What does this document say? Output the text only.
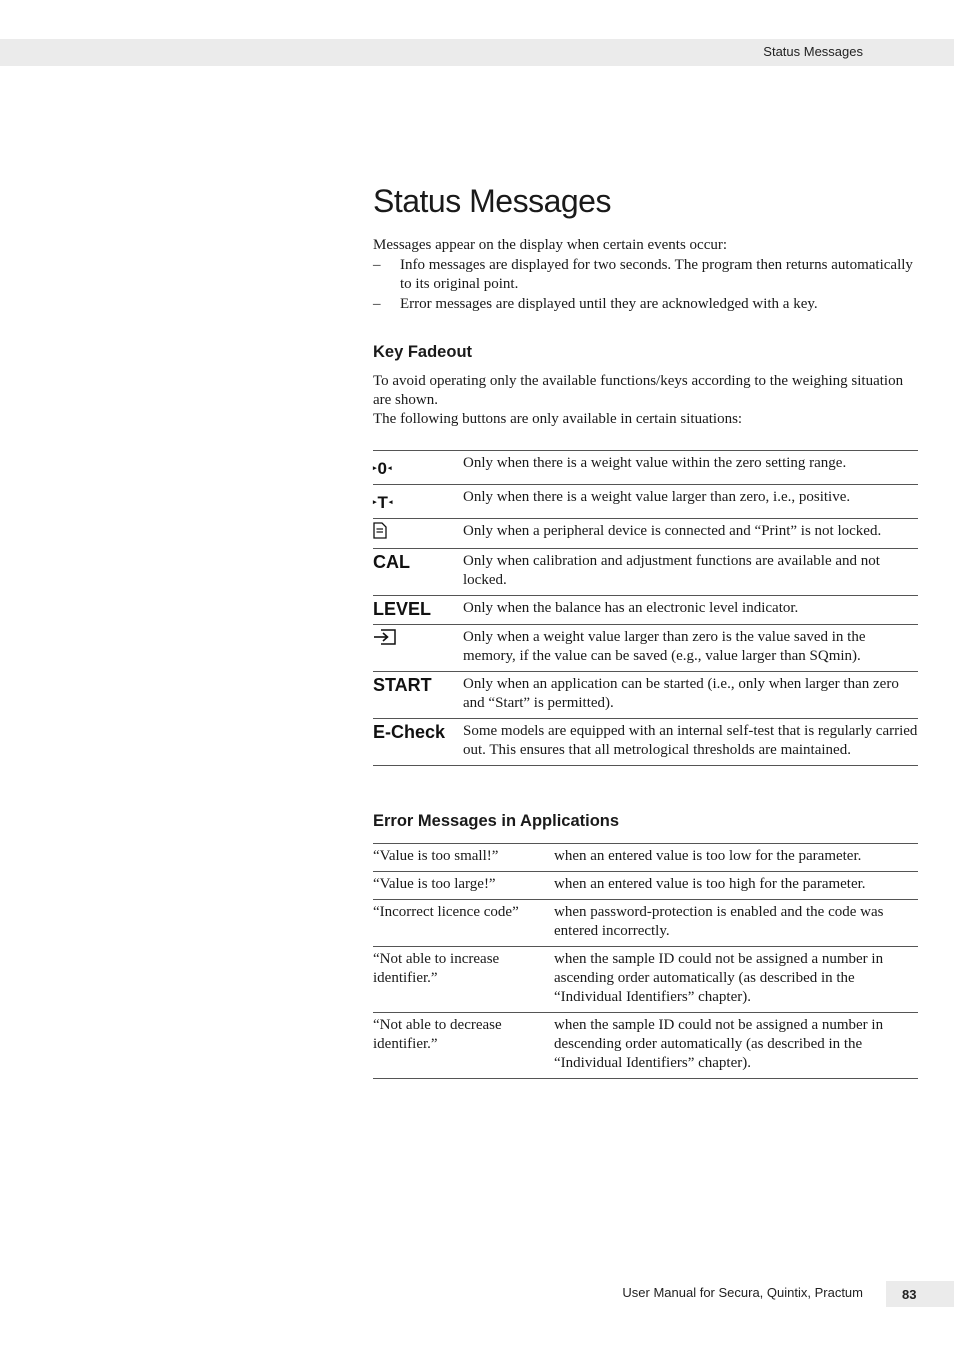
Status Messages
Status Messages
Messages appear on the display when certain events occur:
– Info messages are displayed for two seconds. The program then returns automatically to its original point.
– Error messages are displayed until they are acknowledged with a key.
Key Fadeout
To avoid operating only the available functions/keys according to the weighing situation are shown.
The following buttons are only available in certain situations:
▸ 0 ◂	Only when there is a weight value within the zero setting range.

▸ T ◂	Only when there is a weight value larger than zero, i.e., positive.
	Only when a peripheral device is connected and “Print” is not locked.
CAL	Only when calibration and adjustment functions are available and not locked.
LEVEL	Only when the balance has an electronic level indicator.
	Only when a weight value larger than zero is the value saved in the memory, if the value can be saved (e.g., value larger than SQmin).
START	Only when an application can be started (i.e., only when larger than zero and “Start” is permitted).
E-Check	Some models are equipped with an internal self-test that is regularly carried out. This ensures that all metrological thresholds are maintained.
Error Messages in Applications
“Value is too small!”	when an entered value is too low for the parameter.
“Value is too large!”	when an entered value is too high for the parameter.
“Incorrect licence code”	when password-protection is enabled and the code was entered incorrectly.
“Not able to increase identifier.”	when the sample ID could not be assigned a number in ascending order automatically (as described in the “Individual Identifiers” chapter).
“Not able to decrease identifier.”	when the sample ID could not be assigned a number in descending order automatically (as described in the “Individual Identifiers” chapter).
User Manual for Secura, Quintix, Practum	83
